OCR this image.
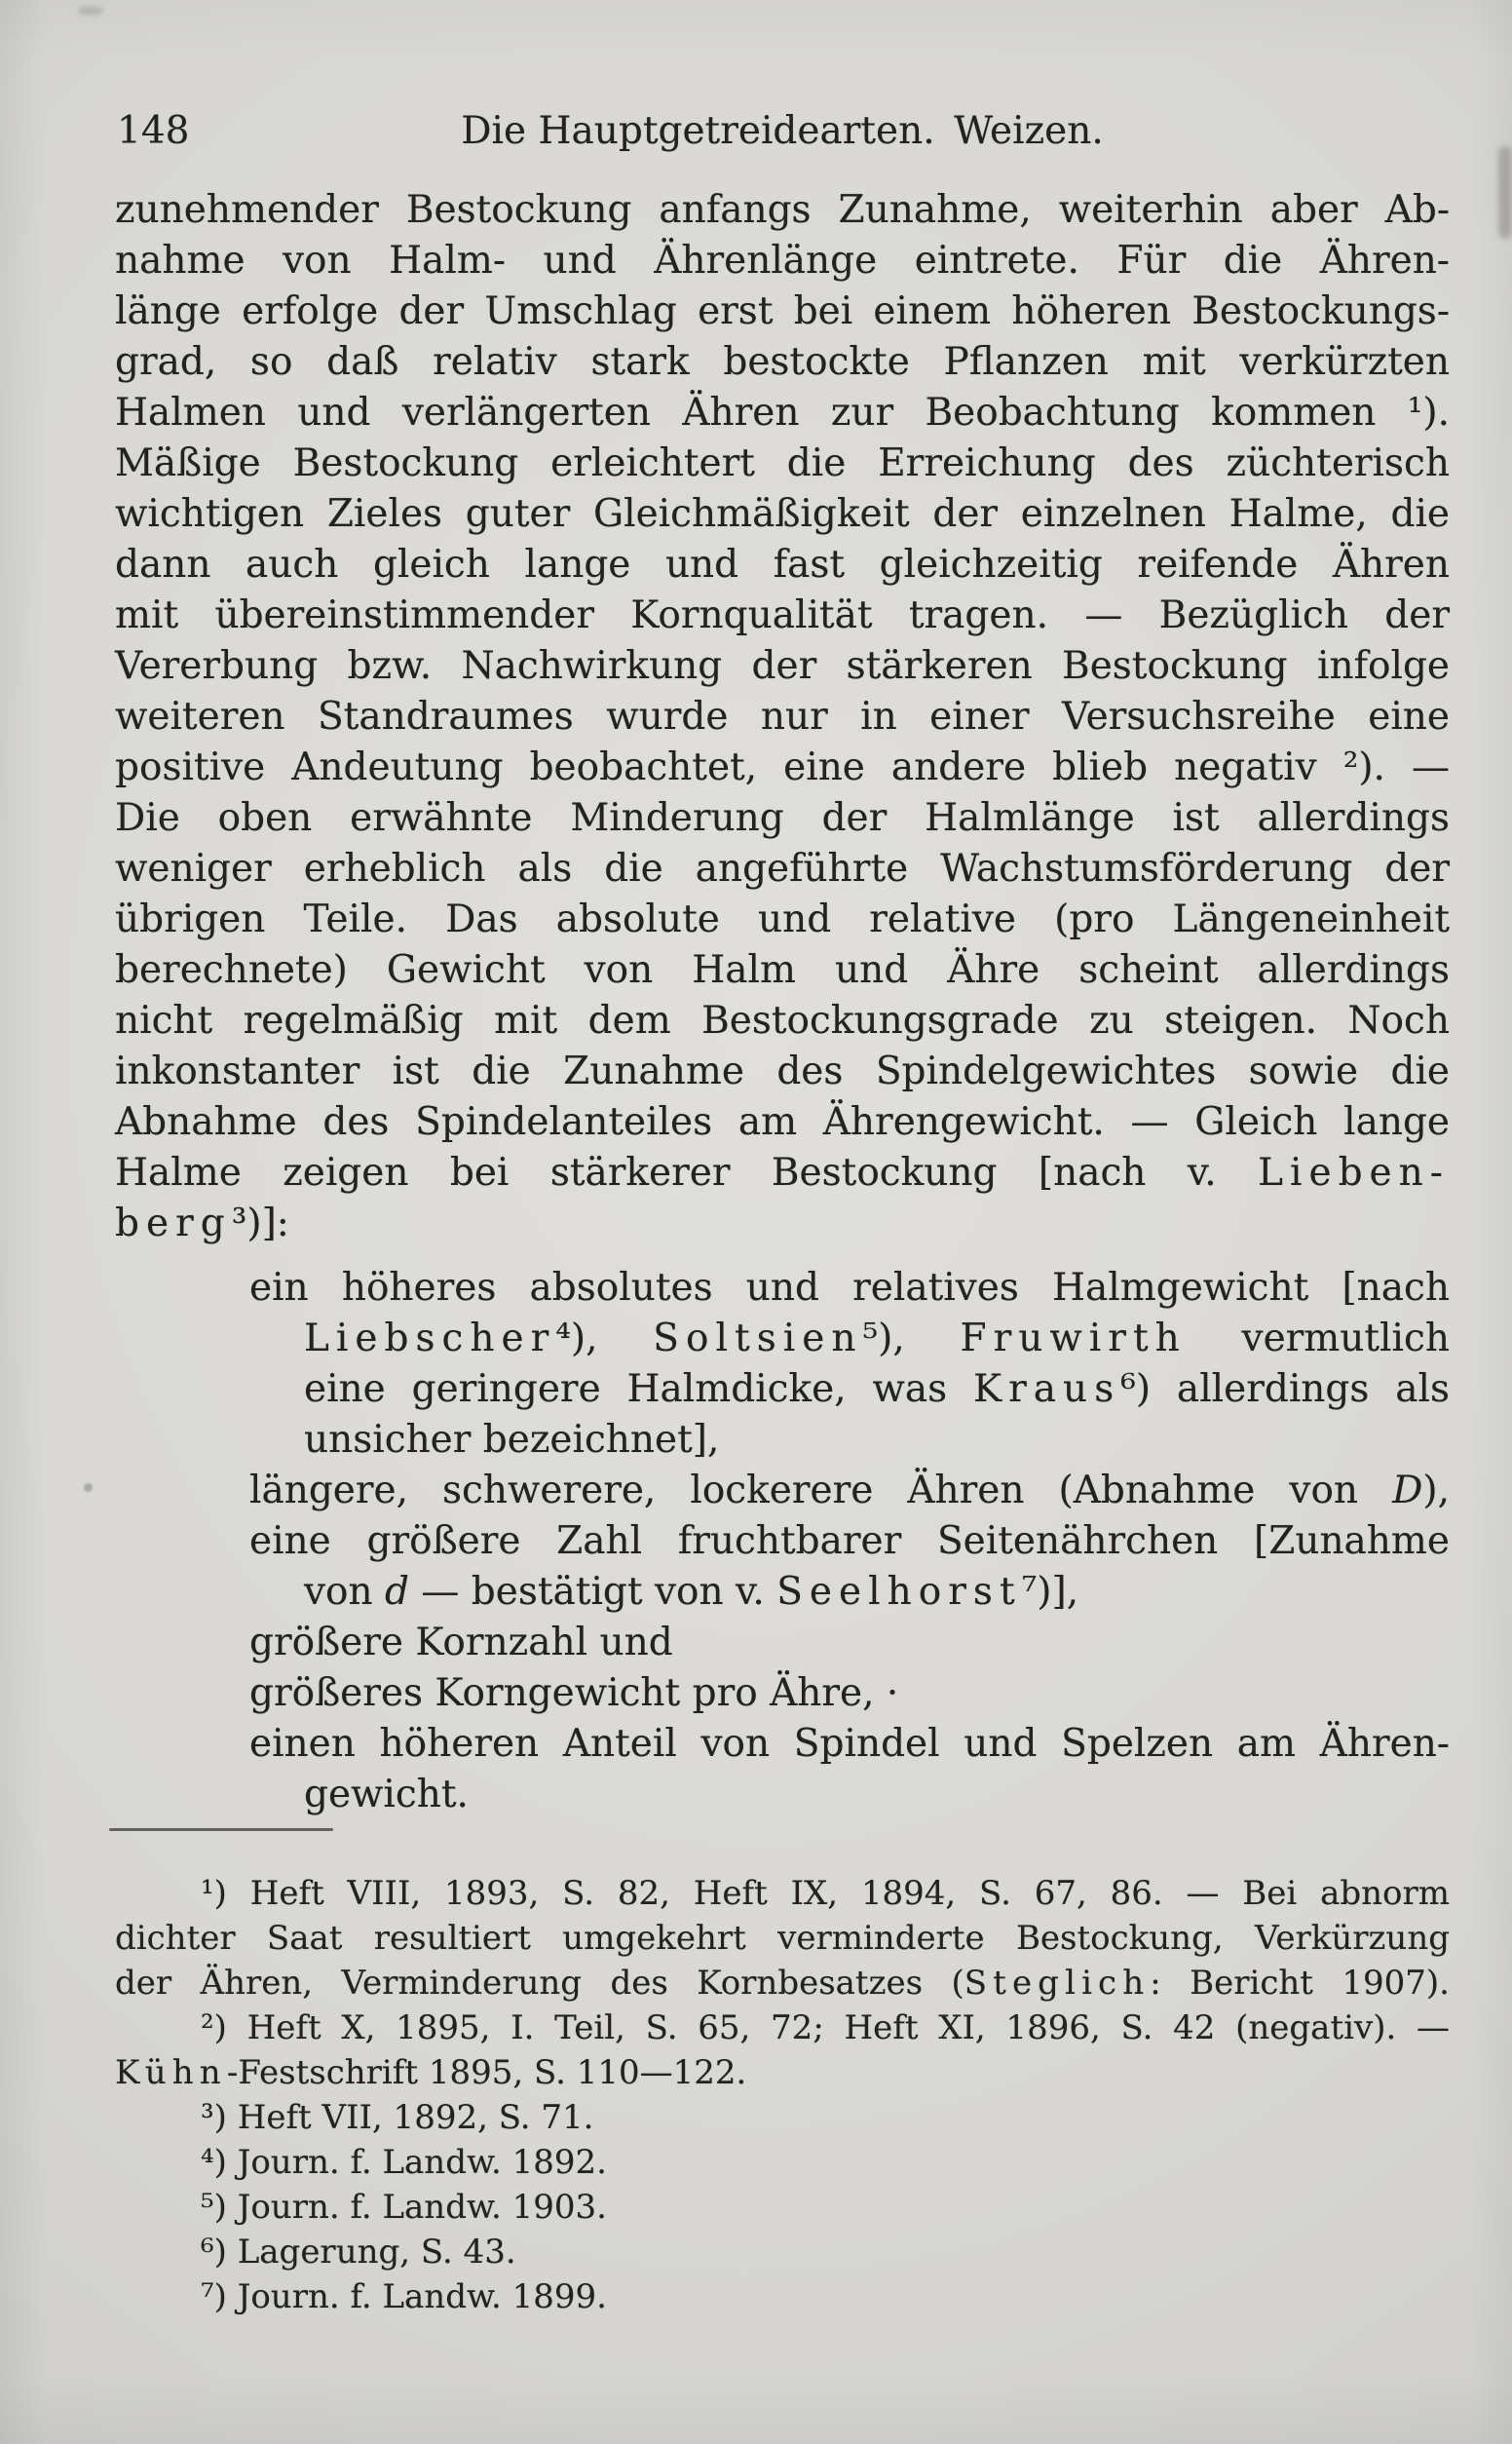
148	Die Hauptgetreidearten. Weizen.

zunehmender Bestockung anfangs Zunahme, weiterhin aber Ab-

nahme von Halm- und Ährenlänge eintrete. Für die Ähren-

länge erfolge der Umschlag erst bei einem höheren Bestockungs-

grad, so daß relativ stark bestockte Pflanzen mit verkürzten

Halmen und verlängerten Ähren zur Beobachtung kommen ¹).

Mäßige Bestockung erleichtert die Erreichung des züchterisch

wichtigen Zieles guter Gleichmäßigkeit der einzelnen Halme, die

dann auch gleich lange und fast gleichzeitig reifende Ähren

mit übereinstimmender Kornqualität tragen. — Bezüglich der

Vererbung bzw. Nachwirkung der stärkeren Bestockung infolge

weiteren Standraumes wurde nur in einer Versuchsreihe eine

positive Andeutung beobachtet, eine andere blieb negativ ²). —

Die oben erwähnte Minderung der Halmlänge ist allerdings

weniger erheblich als die angeführte Wachstumsförderung der

übrigen Teile. Das absolute und relative (pro Längeneinheit

berechnete) Gewicht von Halm und Ähre scheint allerdings

nicht regelmäßig mit dem Bestockungsgrade zu steigen. Noch

inkonstanter ist die Zunahme des Spindelgewichtes sowie die

Abnahme des Spindelanteiles am Ährengewicht. — Gleich lange

Halme zeigen bei stärkerer Bestockung [nach v. Lieben-

berg³)]:

ein höheres absolutes und relatives Halmgewicht [nach

Liebscher⁴), Soltsien⁵), Fruwirth vermutlich

eine geringere Halmdicke, was Kraus⁶) allerdings als

unsicher bezeichnet],

längere, schwerere, lockerere Ähren (Abnahme von D),

eine größere Zahl fruchtbarer Seitenährchen [Zunahme

von d — bestätigt von v. Seelhorst⁷)],

größere Kornzahl und

größeres Korngewicht pro Ähre, ·

einen höheren Anteil von Spindel und Spelzen am Ähren-

gewicht.

¹) Heft VIII, 1893, S. 82, Heft IX, 1894, S. 67, 86. — Bei abnorm

dichter Saat resultiert umgekehrt verminderte Bestockung, Verkürzung

der Ähren, Verminderung des Kornbesatzes (Steglich: Bericht 1907).

²) Heft X, 1895, I. Teil, S. 65, 72; Heft XI, 1896, S. 42 (negativ). —

Kühn-Festschrift 1895, S. 110—122.

³) Heft VII, 1892, S. 71.

⁴) Journ. f. Landw. 1892.

⁵) Journ. f. Landw. 1903.

⁶) Lagerung, S. 43.

⁷) Journ. f. Landw. 1899.
